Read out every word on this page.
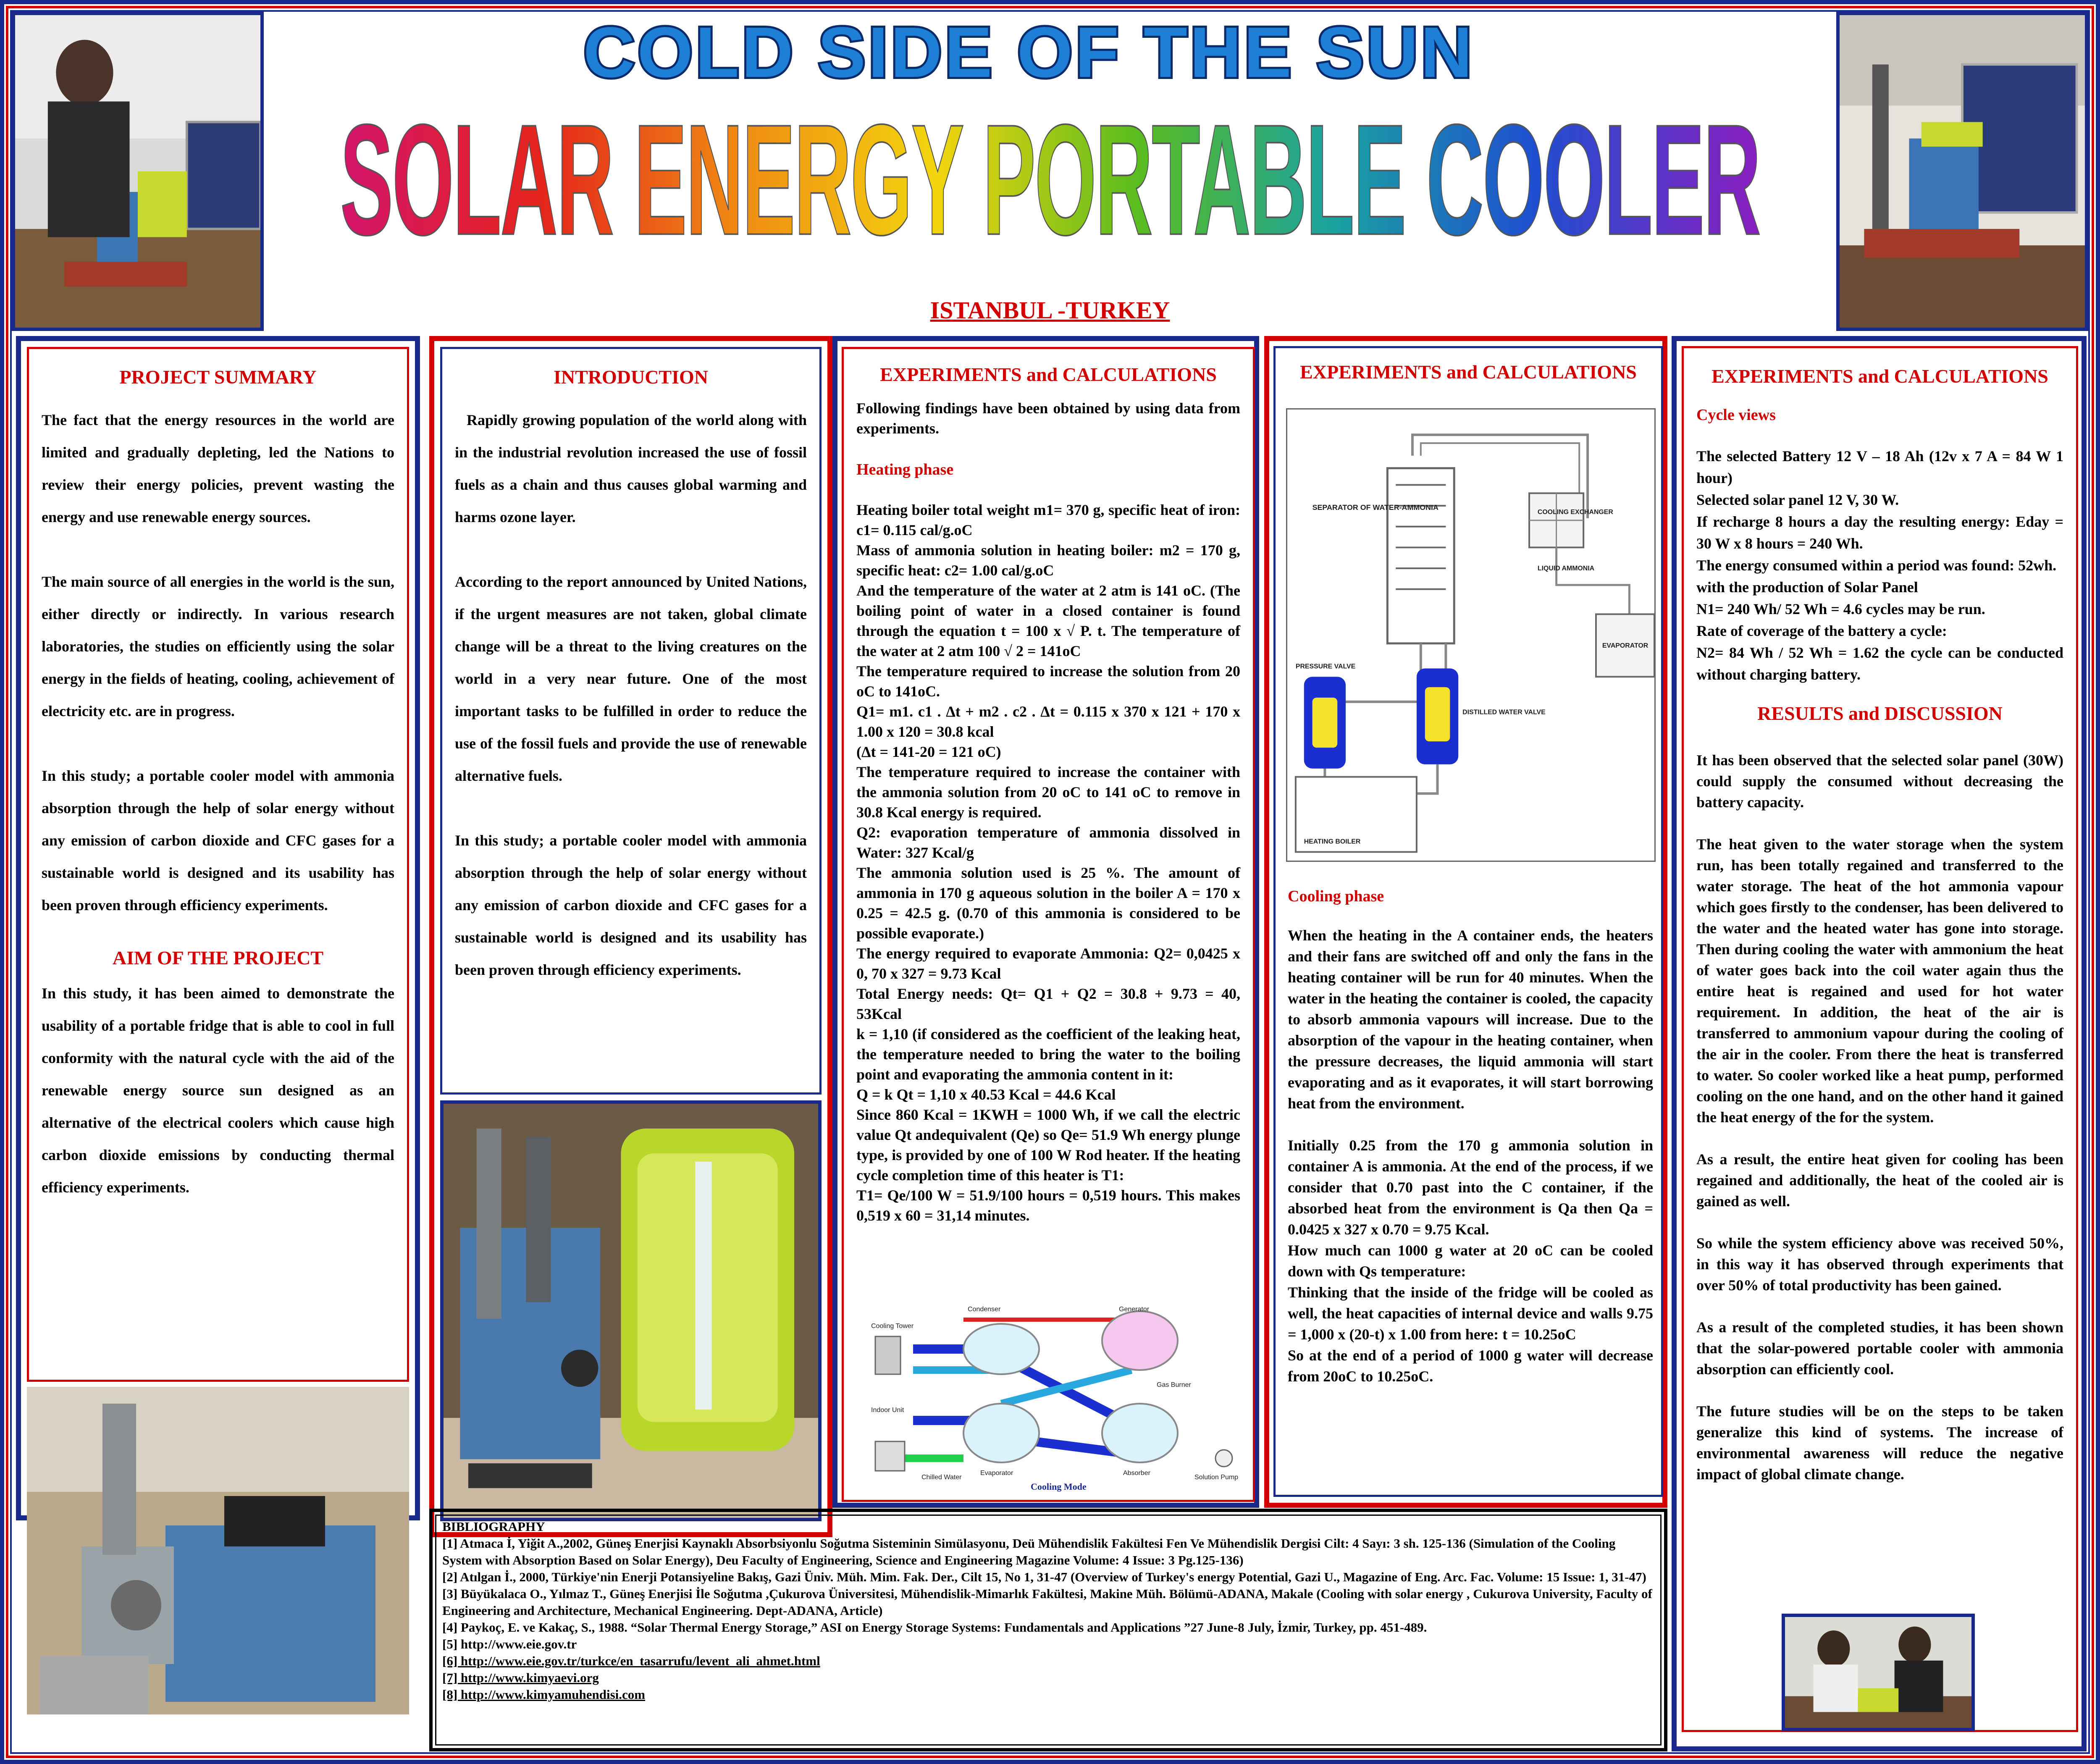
COLD SIDE OF THE SUN
SOLAR ENERGY PORTABLE COOLER
ISTANBUL -TURKEY

PROJECT SUMMARY

The fact that the energy resources in the world are limited and gradually depleting, led the Nations to review their energy policies, prevent wasting the energy and use renewable energy sources.

The main source of all energies in the world is the sun, either directly or indirectly. In various research laboratories, the studies on efficiently using the solar energy in the fields of heating, cooling, achievement of electricity etc. are in progress.

In this study; a portable cooler model with ammonia absorption through the help of solar energy without any emission of carbon dioxide and CFC gases for a sustainable world is designed and its usability has been proven through efficiency experiments.

AIM OF THE PROJECT

In this study, it has been aimed to demonstrate the usability of a portable fridge that is able to cool in full conformity with the natural cycle with the aid of the renewable energy source sun designed as an alternative of the electrical coolers which cause high carbon dioxide emissions by conducting thermal efficiency experiments.

INTRODUCTION

Rapidly growing population of the world along with in the industrial revolution increased the use of fossil fuels as a chain and thus causes global warming and harms ozone layer.

According to the report announced by United Nations, if the urgent measures are not taken, global climate change will be a threat to the living creatures on the world in a very near future. One of the most important tasks to be fulfilled in order to reduce the use of the fossil fuels and provide the use of renewable alternative fuels.

In this study; a portable cooler model with ammonia absorption through the help of solar energy without any emission of carbon dioxide and CFC gases for a sustainable world is designed and its usability has been proven through efficiency experiments.

EXPERIMENTS and CALCULATIONS

Following findings have been obtained by using data from experiments.

Heating phase

Heating boiler total weight m1= 370 g, specific heat of iron: c1= 0.115 cal/g.oC

Mass of ammonia solution in heating boiler: m2 = 170 g, specific heat: c2= 1.00 cal/g.oC

And the temperature of the water at 2 atm is 141 oC. (The boiling point of water in a closed container is found through the equation t = 100 x √ P. t. The temperature of the water at 2 atm 100 √ 2 = 141oC

The temperature required to increase the solution from 20 oC to 141oC.

Q1= m1. c1 . Δt + m2 . c2 . Δt = 0.115 x 370 x 121 + 170 x 1.00 x 120 = 30.8 kcal

(Δt = 141-20 = 121 oC)

The temperature required to increase the container with the ammonia solution from 20 oC to 141 oC to remove in 30.8 Kcal energy is required.

Q2: evaporation temperature of ammonia dissolved in Water: 327 Kcal/g

The ammonia solution used is 25 %. The amount of ammonia in 170 g aqueous solution in the boiler A = 170 x 0.25 = 42.5 g. (0.70 of this ammonia is considered to be possible evaporate.)

The energy required to evaporate Ammonia: Q2= 0,0425 x 0, 70 x 327 = 9.73 Kcal

Total Energy needs: Qt= Q1 + Q2 = 30.8 + 9.73 = 40, 53Kcal

k = 1,10 (if considered as the coefficient of the leaking heat, the temperature needed to bring the water to the boiling point and evaporating the ammonia content in it:

Q = k Qt = 1,10 x 40.53 Kcal = 44.6 Kcal

Since 860 Kcal = 1KWH = 1000 Wh, if we call the electric value Qt andequivalent (Qe) so Qe= 51.9 Wh energy plunge type, is provided by one of 100 W Rod heater. If the heating cycle completion time of this heater is T1:

T1= Qe/100 W = 51.9/100 hours = 0,519 hours. This makes 0,519 x 60 = 31,14 minutes.

Condenser	Generator
Cooling Tower
Indoor Unit
Evaporator	Absorber
Gas Burner
Solution Pump
Chilled Water
Cooling Mode

EXPERIMENTS and CALCULATIONS

SEPARATOR OF WATER-AMMONIA
COOLING EXCHANGER
LIQUID AMMONIA
EVAPORATOR
PRESSURE VALVE
DISTILLED WATER VALVE
HEATING BOILER

Cooling phase

When the heating in the A container ends, the heaters and their fans are switched off and only the fans in the heating container will be run for 40 minutes. When the water in the heating the container is cooled, the capacity to absorb ammonia vapours will increase. Due to the absorption of the vapour in the heating container, when the pressure decreases, the liquid ammonia will start evaporating and as it evaporates, it will start borrowing heat from the environment.

Initially 0.25 from the 170 g ammonia solution in container A is ammonia. At the end of the process, if we consider that 0.70 past into the C container, if the absorbed heat from the environment is Qa then Qa = 0.0425 x 327 x 0.70 = 9.75 Kcal.

How much can 1000 g water at 20 oC can be cooled down with Qs temperature:

Thinking that the inside of the fridge will be cooled as well, the heat capacities of internal device and walls 9.75 = 1,000 x (20-t) x 1.00 from here: t = 10.25oC

So at the end of a period of 1000 g water will decrease from 20oC to 10.25oC.

EXPERIMENTS and CALCULATIONS

Cycle views

The selected Battery 12 V – 18 Ah (12v x 7 A = 84 W 1 hour)

Selected solar panel 12 V, 30 W.

If recharge 8 hours a day the resulting energy: Eday = 30 W x 8 hours = 240 Wh.

The energy consumed within a period was found: 52wh.

with the production of Solar Panel

N1= 240 Wh/ 52 Wh = 4.6 cycles may be run.

Rate of coverage of the battery a cycle:

N2= 84 Wh / 52 Wh = 1.62 the cycle can be conducted without charging battery.

RESULTS and DISCUSSION

It has been observed that the selected solar panel (30W) could supply the consumed without decreasing the battery capacity.

The heat given to the water storage when the system run, has been totally regained and transferred to the water storage. The heat of the hot ammonia vapour which goes firstly to the condenser, has been delivered to the water and the heated water has gone into storage. Then during cooling the water with ammonium the heat of water goes back into the coil water again thus the entire heat is regained and used for hot water requirement. In addition, the heat of the air is transferred to ammonium vapour during the cooling of the air in the cooler. From there the heat is transferred to water. So cooler worked like a heat pump, performed cooling on the one hand, and on the other hand it gained the heat energy of the for the system.

As a result, the entire heat given for cooling has been regained and additionally, the heat of the cooled air is gained as well.

So while the system efficiency above was received 50%, in this way it has observed through experiments that over 50% of total productivity has been gained.

As a result of the completed studies, it has been shown that the solar-powered portable cooler with ammonia absorption can efficiently cool.

The future studies will be on the steps to be taken generalize this kind of systems. The increase of environmental awareness will reduce the negative impact of global climate change.

BIBLIOGRAPHY

[1] Atmaca İ, Yiğit A.,2002, Güneş Enerjisi Kaynaklı Absorbsiyonlu Soğutma Sisteminin Simülasyonu, Deü Mühendislik Fakültesi Fen Ve Mühendislik Dergisi Cilt: 4 Sayı: 3 sh. 125-136 (Simulation of the Cooling System with Absorption Based on Solar Energy), Deu Faculty of Engineering, Science and Engineering Magazine Volume: 4 Issue: 3 Pg.125-136)

[2] Atılgan İ., 2000, Türkiye'nin Enerji Potansiyeline Bakış, Gazi Üniv. Müh. Mim. Fak. Der., Cilt 15, No 1, 31-47 (Overview of Turkey's energy Potential, Gazi U., Magazine of Eng. Arc. Fac. Volume: 15 Issue: 1, 31-47)

[3] Büyükalaca O., Yılmaz T., Güneş Enerjisi İle Soğutma ,Çukurova Üniversitesi, Mühendislik-Mimarlık Fakültesi, Makine Müh. Bölümü-ADANA, Makale (Cooling with solar energy , Cukurova University, Faculty of Engineering and Architecture, Mechanical Engineering. Dept-ADANA, Article)

[4] Paykoç, E. ve Kakaç, S., 1988. “Solar Thermal Energy Storage,” ASI on Energy Storage Systems: Fundamentals and Applications ”27 June-8 July, İzmir, Turkey, pp. 451-489.

[5] http://www.eie.gov.tr

[6] http://www.eie.gov.tr/turkce/en_tasarrufu/levent_ali_ahmet.html

[7] http://www.kimyaevi.org

[8] http://www.kimyamuhendisi.com
